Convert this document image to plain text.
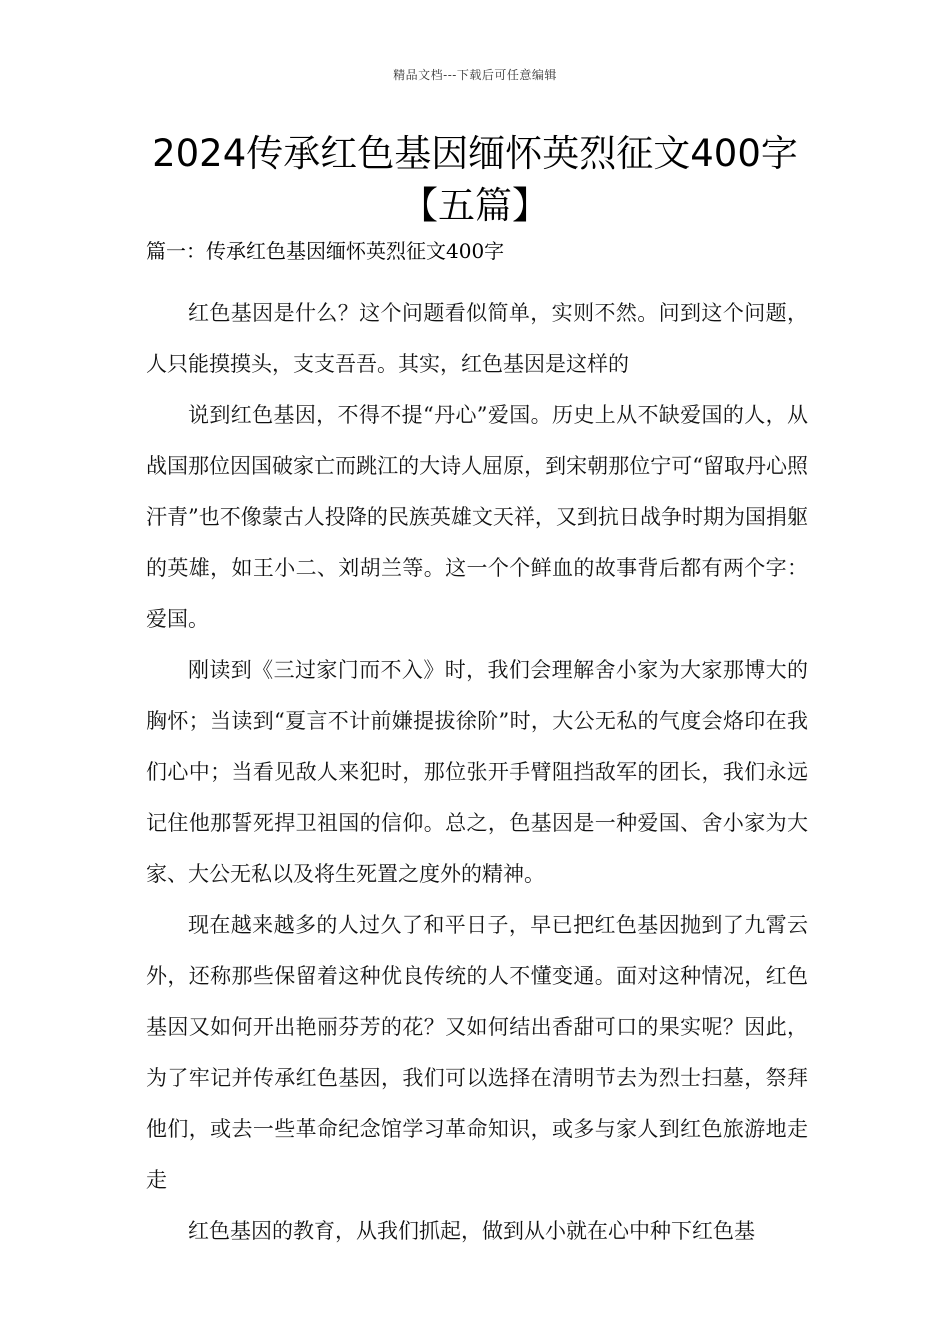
精品文档---下载后可任意编辑
2024传承红色基因缅怀英烈征文400字
【五篇】
篇一：传承红色基因缅怀英烈征文400字

红色基因是什么？这个问题看似简单，实则不然。问到这个问题，人只能摸摸头，支支吾吾。其实，红色基因是这样的

说到红色基因，不得不提“丹心”爱国。历史上从不缺爱国的人，从战国那位因国破家亡而跳江的大诗人屈原，到宋朝那位宁可“留取丹心照汗青”也不像蒙古人投降的民族英雄文天祥，又到抗日战争时期为国捐躯的英雄，如王小二、刘胡兰等。这一个个鲜血的故事背后都有两个字：爱国。

刚读到《三过家门而不入》时，我们会理解舍小家为大家那博大的胸怀；当读到“夏言不计前嫌提拔徐阶”时，大公无私的气度会烙印在我们心中；当看见敌人来犯时，那位张开手臂阻挡敌军的团长，我们永远记住他那誓死捍卫祖国的信仰。总之，色基因是一种爱国、舍小家为大家、大公无私以及将生死置之度外的精神。

现在越来越多的人过久了和平日子，早已把红色基因抛到了九霄云外，还称那些保留着这种优良传统的人不懂变通。面对这种情况，红色基因又如何开出艳丽芬芳的花？又如何结出香甜可口的果实呢？因此，为了牢记并传承红色基因，我们可以选择在清明节去为烈士扫墓，祭拜他们，或去一些革命纪念馆学习革命知识，或多与家人到红色旅游地走走

红色基因的教育，从我们抓起，做到从小就在心中种下红色基
